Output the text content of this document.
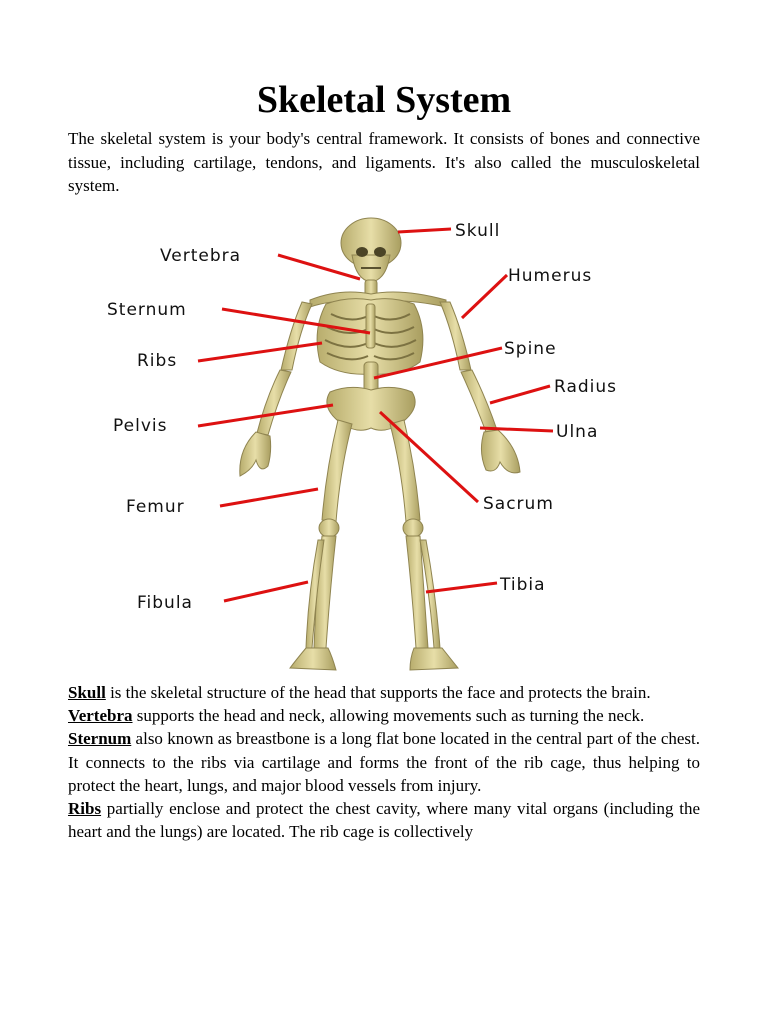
Skeletal System

The skeletal system is your body's central framework. It consists of bones and connective tissue, including cartilage, tendons, and ligaments. It's also called the musculoskeletal system.

Skull
Vertebra
Humerus
Sternum
Spine
Ribs
Radius
Pelvis	Ulna
Femur	Sacrum
Fibula
Tibia

Skull is the skeletal structure of the head that supports the face and protects the brain.

Vertebra supports the head and neck, allowing movements such as turning the neck.

Sternum also known as breastbone is a long flat bone located in the central part of the chest. It connects to the ribs via cartilage and forms the front of the rib cage, thus helping to protect the heart, lungs, and major blood vessels from injury.

Ribs partially enclose and protect the chest cavity, where many vital organs (including the heart and the lungs) are located. The rib cage is collectively
